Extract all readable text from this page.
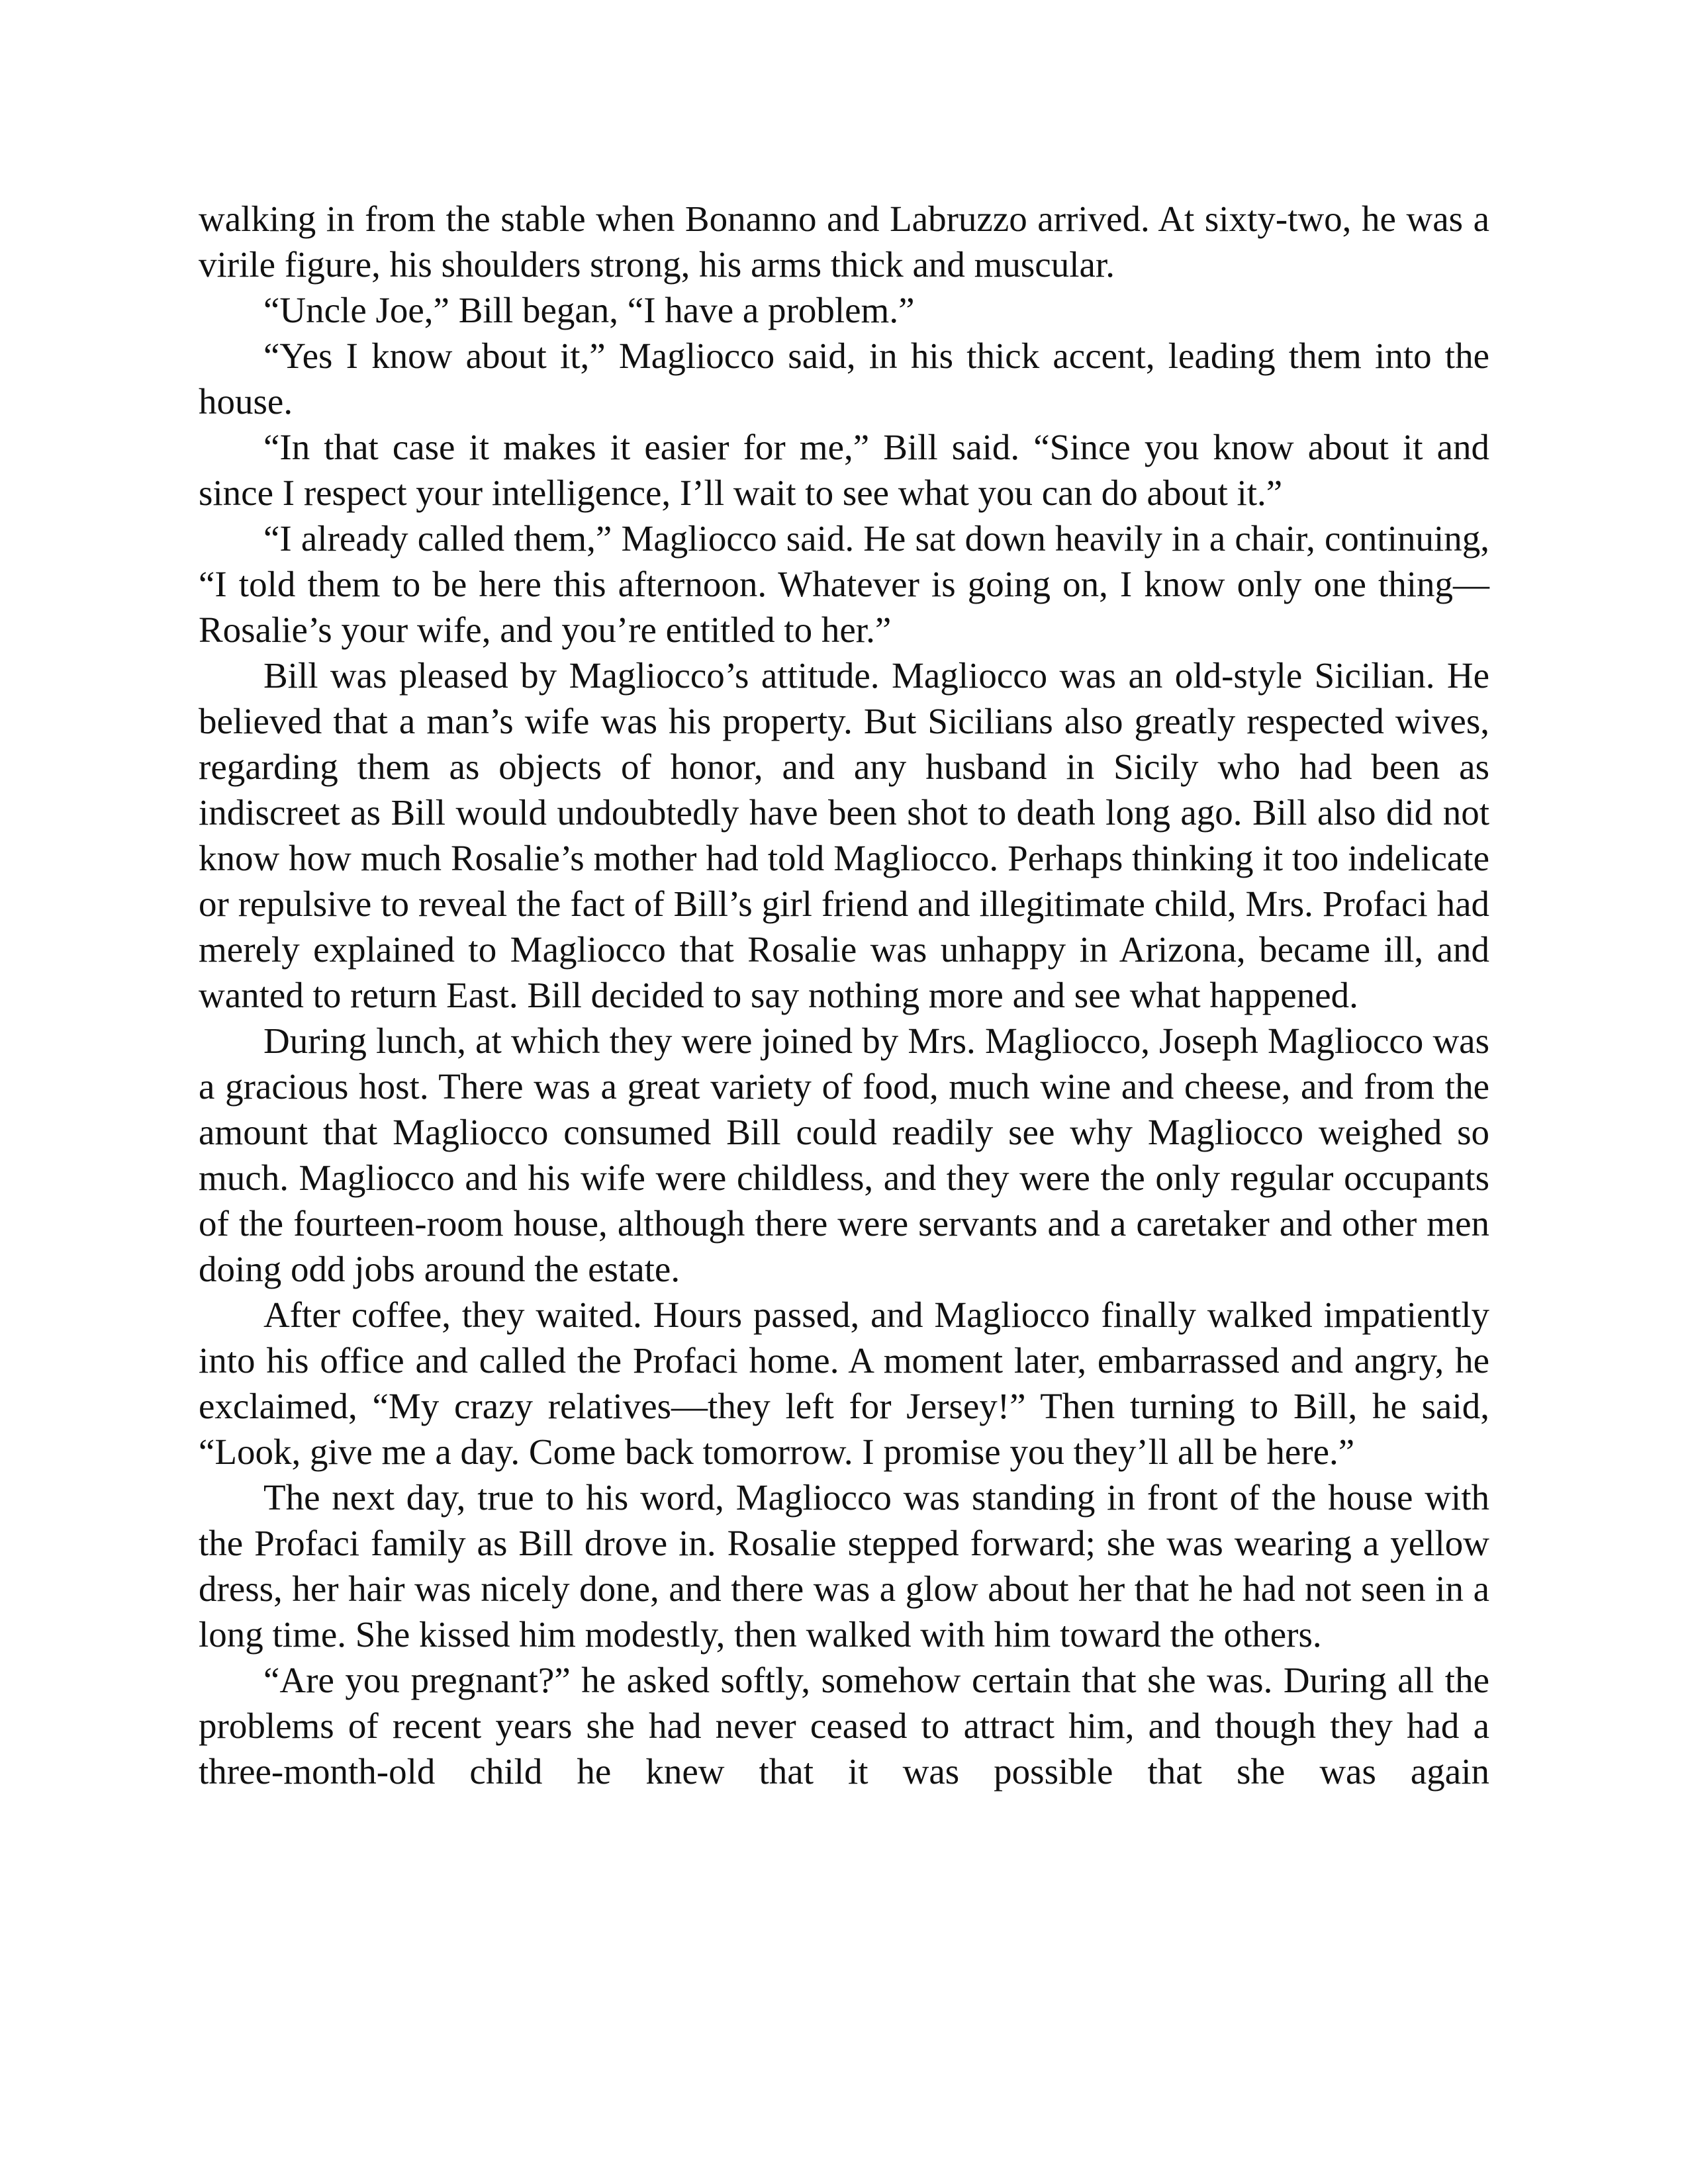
walking in from the stable when Bonanno and Labruzzo arrived. At sixty-two, he was a virile figure, his shoulders strong, his arms thick and muscular.

“Uncle Joe,” Bill began, “I have a problem.”

“Yes I know about it,” Magliocco said, in his thick accent, leading them into the house.

“In that case it makes it easier for me,” Bill said. “Since you know about it and since I respect your intelligence, I’ll wait to see what you can do about it.”

“I already called them,” Magliocco said. He sat down heavily in a chair, continuing, “I told them to be here this afternoon. Whatever is going on, I know only one thing—Rosalie’s your wife, and you’re entitled to her.”

Bill was pleased by Magliocco’s attitude. Magliocco was an old-style Sicilian. He believed that a man’s wife was his property. But Sicilians also greatly respected wives, regarding them as objects of honor, and any husband in Sicily who had been as indiscreet as Bill would undoubtedly have been shot to death long ago. Bill also did not know how much Rosalie’s mother had told Magliocco. Perhaps thinking it too indelicate or repulsive to reveal the fact of Bill’s girl friend and illegitimate child, Mrs. Profaci had merely explained to Magliocco that Rosalie was unhappy in Arizona, became ill, and wanted to return East. Bill decided to say nothing more and see what happened.

During lunch, at which they were joined by Mrs. Magliocco, Joseph Magliocco was a gracious host. There was a great variety of food, much wine and cheese, and from the amount that Magliocco consumed Bill could readily see why Magliocco weighed so much. Magliocco and his wife were childless, and they were the only regular occupants of the fourteen-room house, although there were servants and a caretaker and other men doing odd jobs around the estate.

After coffee, they waited. Hours passed, and Magliocco finally walked impatiently into his office and called the Profaci home. A moment later, embarrassed and angry, he exclaimed, “My crazy relatives—they left for Jersey!” Then turning to Bill, he said, “Look, give me a day. Come back tomorrow. I promise you they’ll all be here.”

The next day, true to his word, Magliocco was standing in front of the house with the Profaci family as Bill drove in. Rosalie stepped forward; she was wearing a yellow dress, her hair was nicely done, and there was a glow about her that he had not seen in a long time. She kissed him modestly, then walked with him toward the others.

“Are you pregnant?” he asked softly, somehow certain that she was. During all the problems of recent years she had never ceased to attract him, and though they had a three-month-old child he knew that it was possible that she was again
